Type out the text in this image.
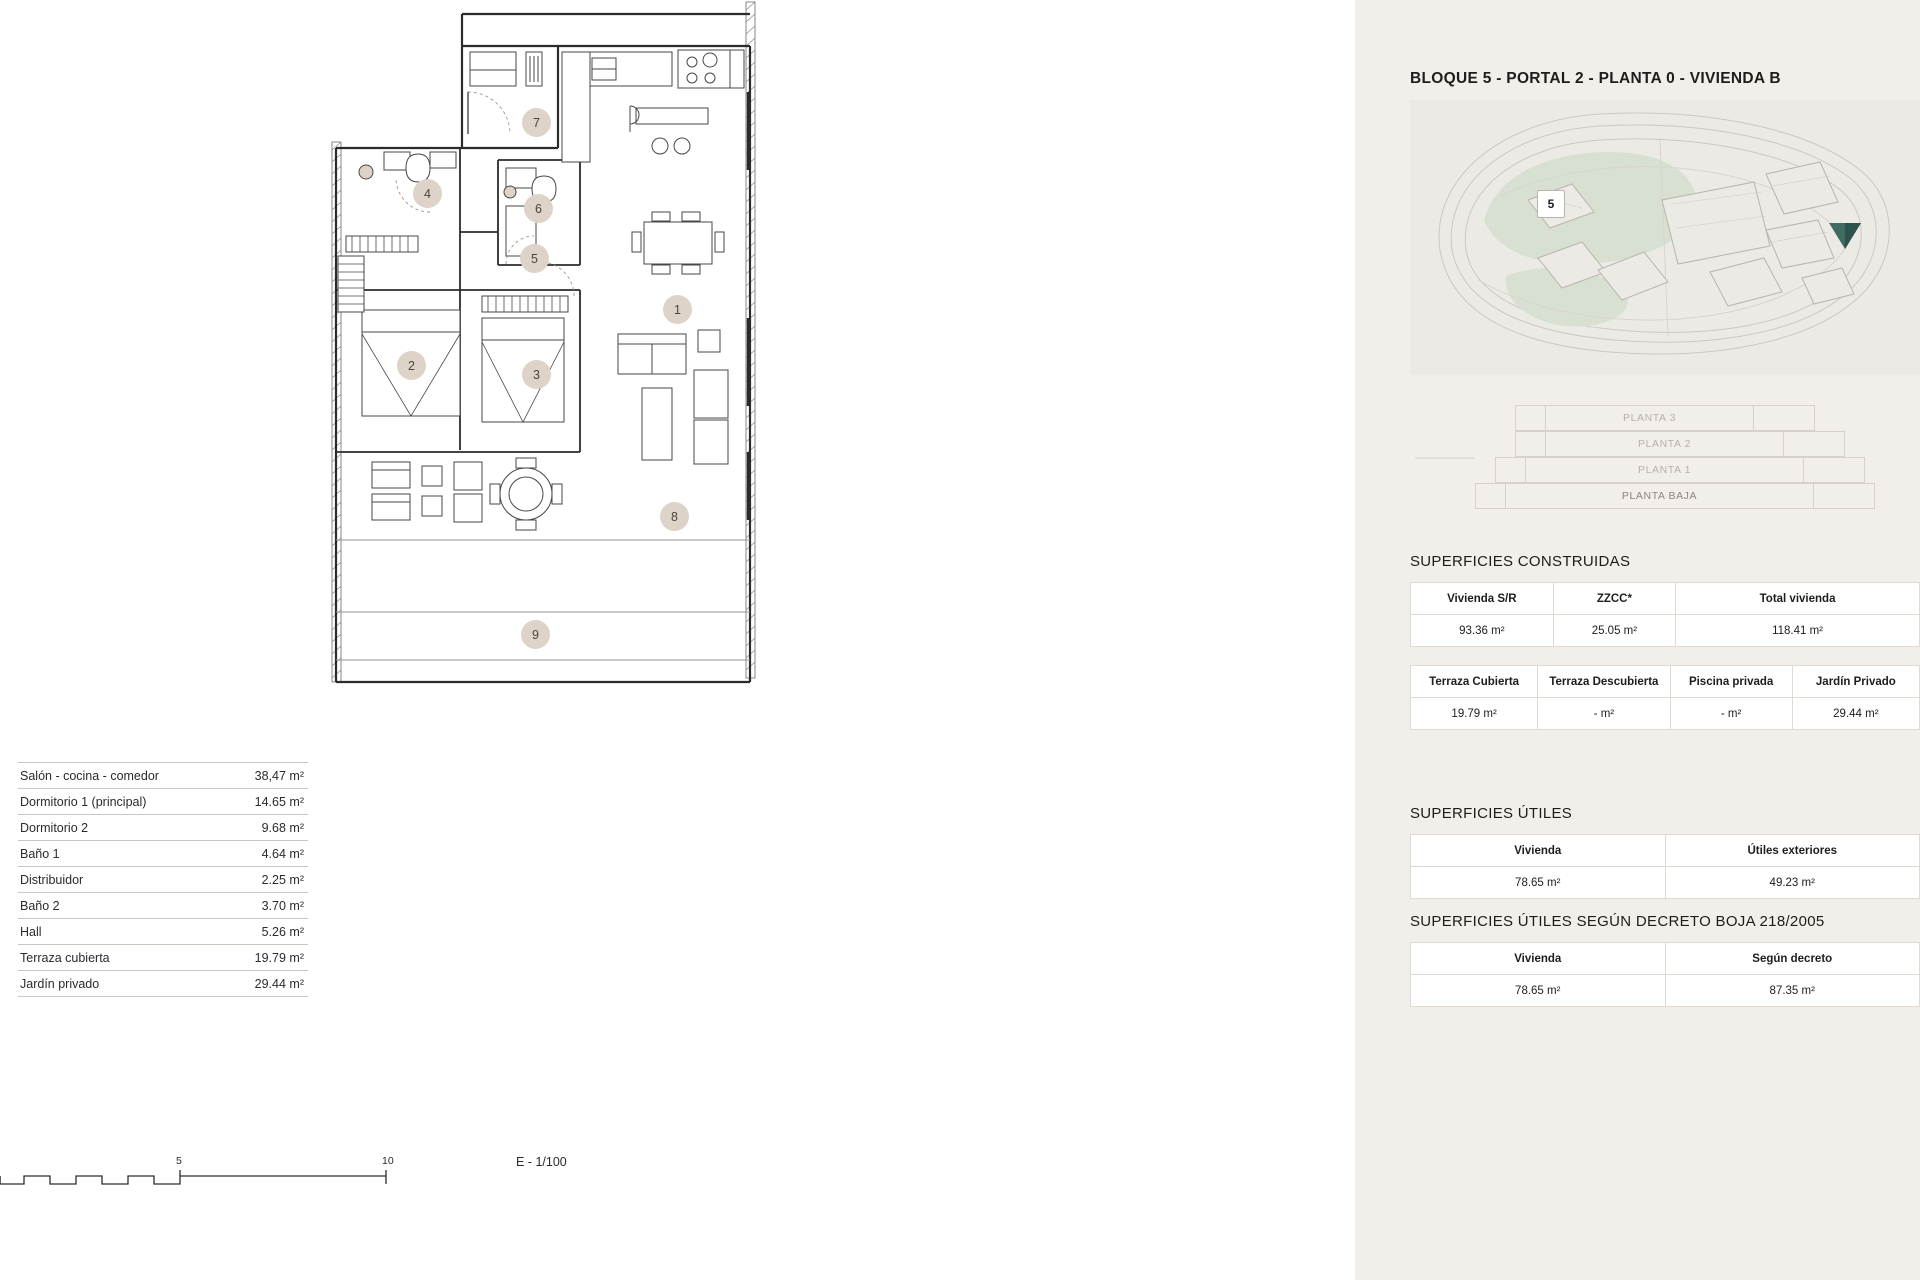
7
4
6
5
1
2
3
8
9
Salón - cocina - comedor	38,47 m²
Dormitorio 1 (principal)	14.65 m²
Dormitorio 2	9.68 m²
Baño 1	4.64 m²
Distribuidor	2.25 m²
Baño 2	3.70 m²
Hall	5.26 m²
Terraza cubierta	19.79 m²
Jardín privado	29.44 m²
5	10	E - 1/100
BLOQUE 5 - PORTAL 2 - PLANTA 0 - VIVIENDA B
5
PLANTA 3
PLANTA 2
PLANTA 1
PLANTA BAJA
SUPERFICIES CONSTRUIDAS
Vivienda S/R	ZZCC*	Total vivienda
93.36 m²	25.05 m²	118.41 m²
Terraza Cubierta	Terraza Descubierta	Piscina privada	Jardín Privado
19.79 m²	- m²	- m²	29.44 m²
SUPERFICIES ÚTILES
Vivienda	Útiles exteriores
78.65 m²	49.23 m²
SUPERFICIES ÚTILES SEGÚN DECRETO BOJA 218/2005
Vivienda	Según decreto
78.65 m²	87.35 m²
